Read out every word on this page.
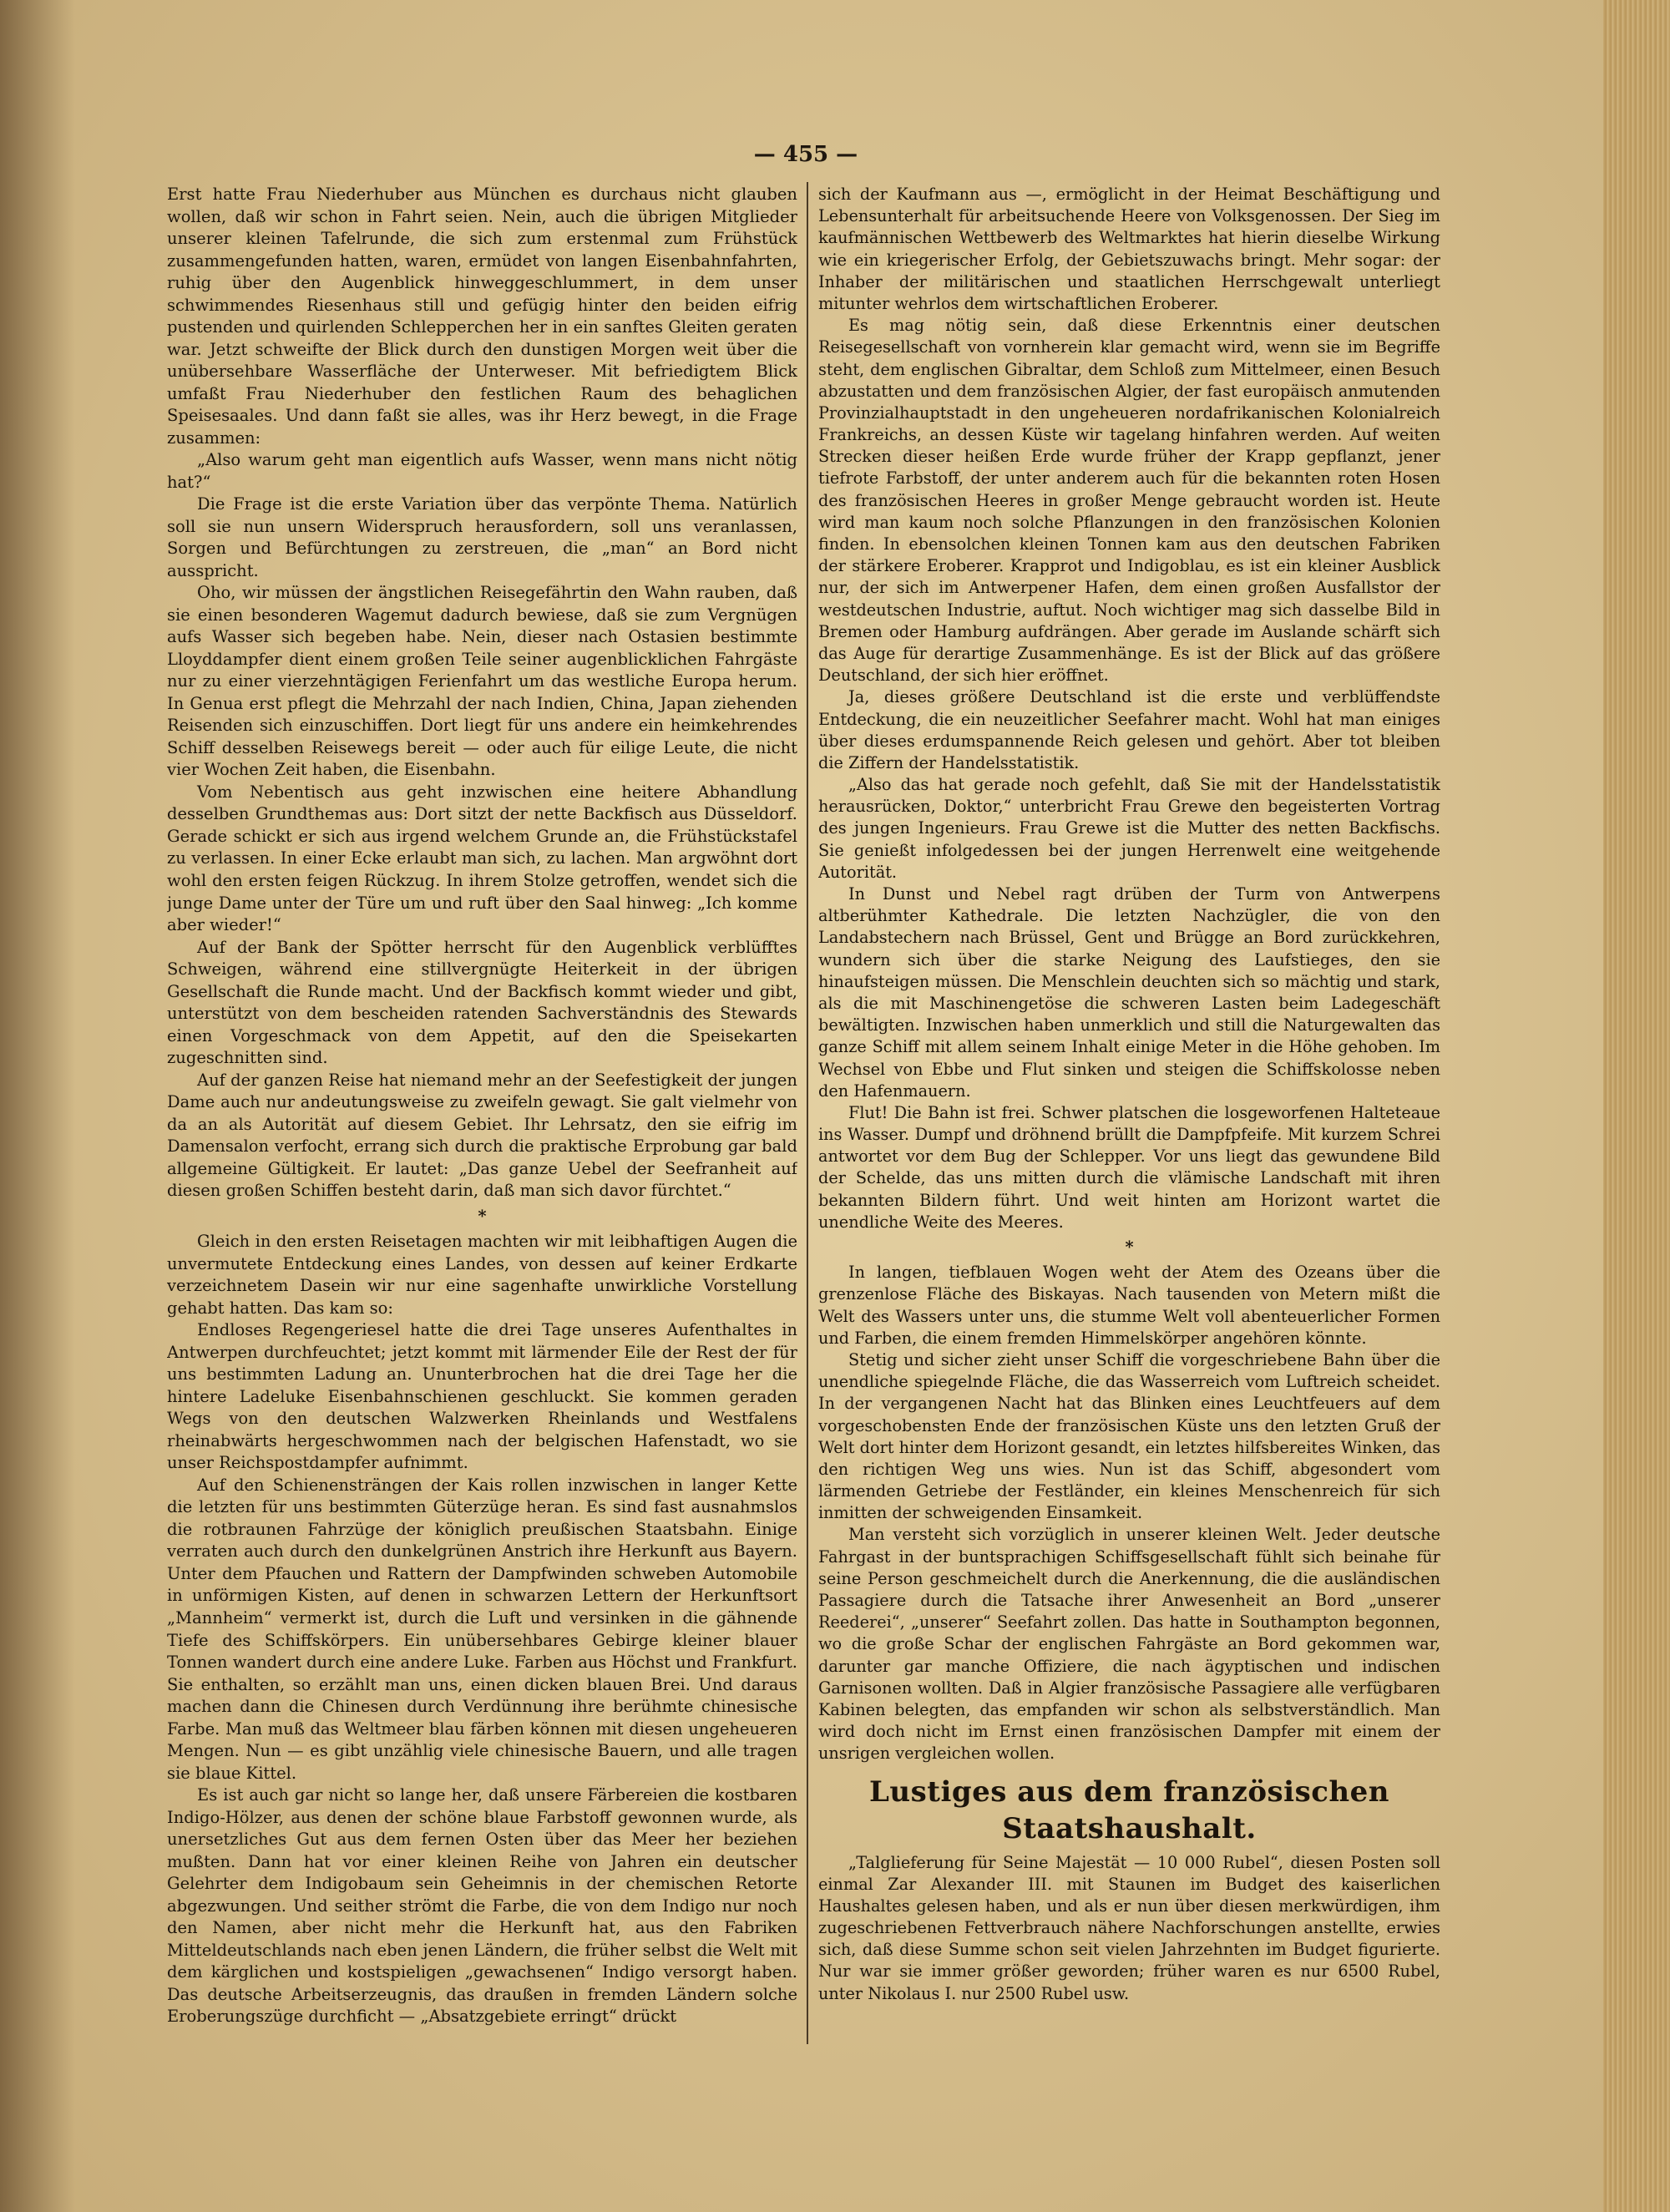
— 455 —

Erst hatte Frau Niederhuber aus München es durchaus nicht glauben wollen, daß wir schon in Fahrt seien. Nein, auch die übrigen Mitglieder unserer kleinen Tafelrunde, die sich zum erstenmal zum Frühstück zusammengefunden hatten, waren, ermüdet von langen Eisenbahnfahrten, ruhig über den Augenblick hinweggeschlummert, in dem unser schwimmendes Riesenhaus still und gefügig hinter den beiden eifrig pustenden und quirlenden Schlepperchen her in ein sanftes Gleiten geraten war. Jetzt schweifte der Blick durch den dunstigen Morgen weit über die unübersehbare Wasserfläche der Unterweser. Mit befriedigtem Blick umfaßt Frau Niederhuber den festlichen Raum des behaglichen Speisesaales. Und dann faßt sie alles, was ihr Herz bewegt, in die Frage zusammen:

„Also warum geht man eigentlich aufs Wasser, wenn mans nicht nötig hat?“

Die Frage ist die erste Variation über das verpönte Thema. Natürlich soll sie nun unsern Widerspruch herausfordern, soll uns veranlassen, Sorgen und Befürchtungen zu zerstreuen, die „man“ an Bord nicht ausspricht.

Oho, wir müssen der ängstlichen Reisegefährtin den Wahn rauben, daß sie einen besonderen Wagemut dadurch bewiese, daß sie zum Vergnügen aufs Wasser sich begeben habe. Nein, dieser nach Ostasien bestimmte Lloyddampfer dient einem großen Teile seiner augenblicklichen Fahrgäste nur zu einer vierzehntägigen Ferienfahrt um das westliche Europa herum. In Genua erst pflegt die Mehrzahl der nach Indien, China, Japan ziehenden Reisenden sich einzuschiffen. Dort liegt für uns andere ein heimkehrendes Schiff desselben Reisewegs bereit — oder auch für eilige Leute, die nicht vier Wochen Zeit haben, die Eisenbahn.

Vom Nebentisch aus geht inzwischen eine heitere Abhandlung desselben Grundthemas aus: Dort sitzt der nette Backfisch aus Düsseldorf. Gerade schickt er sich aus irgend welchem Grunde an, die Frühstückstafel zu verlassen. In einer Ecke erlaubt man sich, zu lachen. Man argwöhnt dort wohl den ersten feigen Rückzug. In ihrem Stolze getroffen, wendet sich die junge Dame unter der Türe um und ruft über den Saal hinweg: „Ich komme aber wieder!“

Auf der Bank der Spötter herrscht für den Augenblick verblüfftes Schweigen, während eine stillvergnügte Heiterkeit in der übrigen Gesellschaft die Runde macht. Und der Backfisch kommt wieder und gibt, unterstützt von dem bescheiden ratenden Sachverständnis des Stewards einen Vorgeschmack von dem Appetit, auf den die Speisekarten zugeschnitten sind.

Auf der ganzen Reise hat niemand mehr an der Seefestigkeit der jungen Dame auch nur andeutungsweise zu zweifeln gewagt. Sie galt vielmehr von da an als Autorität auf diesem Gebiet. Ihr Lehrsatz, den sie eifrig im Damensalon verfocht, errang sich durch die praktische Erprobung gar bald allgemeine Gültigkeit. Er lautet: „Das ganze Uebel der Seefranheit auf diesen großen Schiffen besteht darin, daß man sich davor fürchtet.“

*

Gleich in den ersten Reisetagen machten wir mit leibhaftigen Augen die unvermutete Entdeckung eines Landes, von dessen auf keiner Erdkarte verzeichnetem Dasein wir nur eine sagenhafte unwirkliche Vorstellung gehabt hatten. Das kam so:

Endloses Regengeriesel hatte die drei Tage unseres Aufenthaltes in Antwerpen durchfeuchtet; jetzt kommt mit lärmender Eile der Rest der für uns bestimmten Ladung an. Ununterbrochen hat die drei Tage her die hintere Ladeluke Eisenbahnschienen geschluckt. Sie kommen geraden Wegs von den deutschen Walzwerken Rheinlands und Westfalens rheinabwärts hergeschwommen nach der belgischen Hafenstadt, wo sie unser Reichspostdampfer aufnimmt.

Auf den Schienensträngen der Kais rollen inzwischen in langer Kette die letzten für uns bestimmten Güterzüge heran. Es sind fast ausnahmslos die rotbraunen Fahrzüge der königlich preußischen Staatsbahn. Einige verraten auch durch den dunkelgrünen Anstrich ihre Herkunft aus Bayern. Unter dem Pfauchen und Rattern der Dampfwinden schweben Automobile in unförmigen Kisten, auf denen in schwarzen Lettern der Herkunftsort „Mannheim“ vermerkt ist, durch die Luft und versinken in die gähnende Tiefe des Schiffskörpers. Ein unübersehbares Gebirge kleiner blauer Tonnen wandert durch eine andere Luke. Farben aus Höchst und Frankfurt. Sie enthalten, so erzählt man uns, einen dicken blauen Brei. Und daraus machen dann die Chinesen durch Verdünnung ihre berühmte chinesische Farbe. Man muß das Weltmeer blau färben können mit diesen ungeheueren Mengen. Nun — es gibt unzählig viele chinesische Bauern, und alle tragen sie blaue Kittel.

Es ist auch gar nicht so lange her, daß unsere Färbereien die kostbaren Indigo-Hölzer, aus denen der schöne blaue Farbstoff gewonnen wurde, als unersetzliches Gut aus dem fernen Osten über das Meer her beziehen mußten. Dann hat vor einer kleinen Reihe von Jahren ein deutscher Gelehrter dem Indigobaum sein Geheimnis in der chemischen Retorte abgezwungen. Und seither strömt die Farbe, die von dem Indigo nur noch den Namen, aber nicht mehr die Herkunft hat, aus den Fabriken Mitteldeutschlands nach eben jenen Ländern, die früher selbst die Welt mit dem kärglichen und kostspieligen „gewachsenen“ Indigo versorgt haben. Das deutsche Arbeitserzeugnis, das draußen in fremden Ländern solche Eroberungszüge durchficht — „Absatzgebiete erringt“ drückt

sich der Kaufmann aus —, ermöglicht in der Heimat Beschäftigung und Lebensunterhalt für arbeitsuchende Heere von Volksgenossen. Der Sieg im kaufmännischen Wettbewerb des Weltmarktes hat hierin dieselbe Wirkung wie ein kriegerischer Erfolg, der Gebietszuwachs bringt. Mehr sogar: der Inhaber der militärischen und staatlichen Herrschgewalt unterliegt mitunter wehrlos dem wirtschaftlichen Eroberer.

Es mag nötig sein, daß diese Erkenntnis einer deutschen Reisegesellschaft von vornherein klar gemacht wird, wenn sie im Begriffe steht, dem englischen Gibraltar, dem Schloß zum Mittelmeer, einen Besuch abzustatten und dem französischen Algier, der fast europäisch anmutenden Provinzialhauptstadt in den ungeheueren nordafrikanischen Kolonialreich Frankreichs, an dessen Küste wir tagelang hinfahren werden. Auf weiten Strecken dieser heißen Erde wurde früher der Krapp gepflanzt, jener tiefrote Farbstoff, der unter anderem auch für die bekannten roten Hosen des französischen Heeres in großer Menge gebraucht worden ist. Heute wird man kaum noch solche Pflanzungen in den französischen Kolonien finden. In ebensolchen kleinen Tonnen kam aus den deutschen Fabriken der stärkere Eroberer. Krapprot und Indigoblau, es ist ein kleiner Ausblick nur, der sich im Antwerpener Hafen, dem einen großen Ausfallstor der westdeutschen Industrie, auftut. Noch wichtiger mag sich dasselbe Bild in Bremen oder Hamburg aufdrängen. Aber gerade im Auslande schärft sich das Auge für derartige Zusammenhänge. Es ist der Blick auf das größere Deutschland, der sich hier eröffnet.

Ja, dieses größere Deutschland ist die erste und verblüffendste Entdeckung, die ein neuzeitlicher Seefahrer macht. Wohl hat man einiges über dieses erdumspannende Reich gelesen und gehört. Aber tot bleiben die Ziffern der Handelsstatistik.

„Also das hat gerade noch gefehlt, daß Sie mit der Handelsstatistik herausrücken, Doktor,“ unterbricht Frau Grewe den begeisterten Vortrag des jungen Ingenieurs. Frau Grewe ist die Mutter des netten Backfischs. Sie genießt infolgedessen bei der jungen Herrenwelt eine weitgehende Autorität.

In Dunst und Nebel ragt drüben der Turm von Antwerpens altberühmter Kathedrale. Die letzten Nachzügler, die von den Landabstechern nach Brüssel, Gent und Brügge an Bord zurückkehren, wundern sich über die starke Neigung des Laufstieges, den sie hinaufsteigen müssen. Die Menschlein deuchten sich so mächtig und stark, als die mit Maschinengetöse die schweren Lasten beim Ladegeschäft bewältigten. Inzwischen haben unmerklich und still die Naturgewalten das ganze Schiff mit allem seinem Inhalt einige Meter in die Höhe gehoben. Im Wechsel von Ebbe und Flut sinken und steigen die Schiffskolosse neben den Hafenmauern.

Flut! Die Bahn ist frei. Schwer platschen die losgeworfenen Halteteaue ins Wasser. Dumpf und dröhnend brüllt die Dampfpfeife. Mit kurzem Schrei antwortet vor dem Bug der Schlepper. Vor uns liegt das gewundene Bild der Schelde, das uns mitten durch die vlämische Landschaft mit ihren bekannten Bildern führt. Und weit hinten am Horizont wartet die unendliche Weite des Meeres.

*

In langen, tiefblauen Wogen weht der Atem des Ozeans über die grenzenlose Fläche des Biskayas. Nach tausenden von Metern mißt die Welt des Wassers unter uns, die stumme Welt voll abenteuerlicher Formen und Farben, die einem fremden Himmelskörper angehören könnte.

Stetig und sicher zieht unser Schiff die vorgeschriebene Bahn über die unendliche spiegelnde Fläche, die das Wasserreich vom Luftreich scheidet. In der vergangenen Nacht hat das Blinken eines Leuchtfeuers auf dem vorgeschobensten Ende der französischen Küste uns den letzten Gruß der Welt dort hinter dem Horizont gesandt, ein letztes hilfsbereites Winken, das den richtigen Weg uns wies. Nun ist das Schiff, abgesondert vom lärmenden Getriebe der Festländer, ein kleines Menschenreich für sich inmitten der schweigenden Einsamkeit.

Man versteht sich vorzüglich in unserer kleinen Welt. Jeder deutsche Fahrgast in der buntsprachigen Schiffsgesellschaft fühlt sich beinahe für seine Person geschmeichelt durch die Anerkennung, die die ausländischen Passagiere durch die Tatsache ihrer Anwesenheit an Bord „unserer Reederei“, „unserer“ Seefahrt zollen. Das hatte in Southampton begonnen, wo die große Schar der englischen Fahrgäste an Bord gekommen war, darunter gar manche Offiziere, die nach ägyptischen und indischen Garnisonen wollten. Daß in Algier französische Passagiere alle verfügbaren Kabinen belegten, das empfanden wir schon als selbstverständlich. Man wird doch nicht im Ernst einen französischen Dampfer mit einem der unsrigen vergleichen wollen.

Lustiges aus dem französischen Staatshaushalt.

„Talglieferung für Seine Majestät — 10 000 Rubel“, diesen Posten soll einmal Zar Alexander III. mit Staunen im Budget des kaiserlichen Haushaltes gelesen haben, und als er nun über diesen merkwürdigen, ihm zugeschriebenen Fettverbrauch nähere Nachforschungen anstellte, erwies sich, daß diese Summe schon seit vielen Jahrzehnten im Budget figurierte. Nur war sie immer größer geworden; früher waren es nur 6500 Rubel, unter Nikolaus I. nur 2500 Rubel usw.
